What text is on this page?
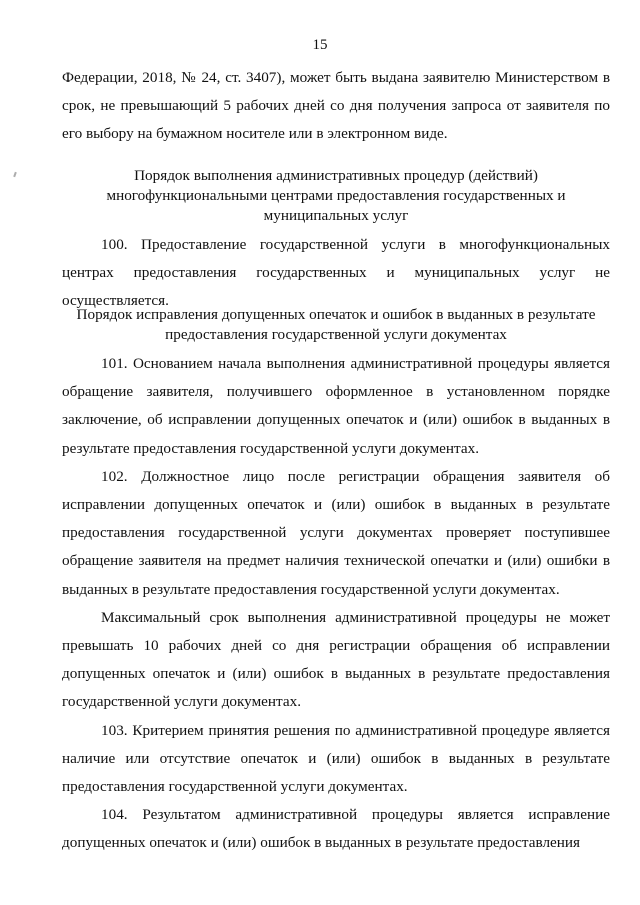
15

Федерации, 2018, № 24, ст. 3407), может быть выдана заявителю Министерством в срок, не превышающий 5 рабочих дней со дня получения запроса от заявителя по его выбору на бумажном носителе или в электронном виде.

Порядок выполнения административных процедур (действий) многофункциональными центрами предоставления государственных и муниципальных услуг

100. Предоставление государственной услуги в многофункциональных центрах предоставления государственных и муниципальных услуг не осуществляется.

Порядок исправления допущенных опечаток и ошибок в выданных в результате предоставления государственной услуги документах

101. Основанием начала выполнения административной процедуры является обращение заявителя, получившего оформленное в установленном порядке заключение, об исправлении допущенных опечаток и (или) ошибок в выданных в результате предоставления государственной услуги документах.

102. Должностное лицо после регистрации обращения заявителя об исправлении допущенных опечаток и (или) ошибок в выданных в результате предоставления государственной услуги документах проверяет поступившее обращение заявителя на предмет наличия технической опечатки и (или) ошибки в выданных в результате предоставления государственной услуги документах.

Максимальный срок выполнения административной процедуры не может превышать 10 рабочих дней со дня регистрации обращения об исправлении допущенных опечаток и (или) ошибок в выданных в результате предоставления государственной услуги документах.

103. Критерием принятия решения по административной процедуре является наличие или отсутствие опечаток и (или) ошибок в выданных в результате предоставления государственной услуги документах.

104. Результатом административной процедуры является исправление допущенных опечаток и (или) ошибок в выданных в результате предоставления
